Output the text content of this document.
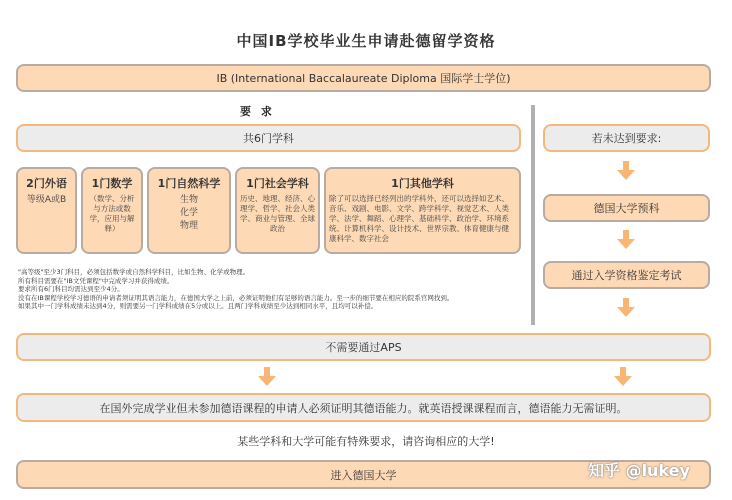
中国IB学校毕业生申请赴德留学资格
IB (International Baccalaureate Diploma 国际学士学位)
要 求
共6门学科
2门外语
等级A或B
1门数学
（数学、分析与方法或数学，应用与解释）
1门自然科学
生物
化学
物理
1门社会学科
历史、地理、经济、心理学、哲学、社会人类学、商业与管理、全球政治
1门其他学科
除了可以选择已经列出的学科外，还可以选择如艺术、音乐、戏剧、电影、文学、跨学科学、视觉艺术、人类学、法学、舞蹈、心理学、基础科学、政治学、环境系统、计算机科学、设计技术、世界宗教、体育健康与健康科学、数字社会
"高等级"至少3门科目，必须包括数学或自然科学科目，比如生物、化学或物理。
所有科目需要在"IB文凭课程"中完成学习并获得成绩。
要求所有6门科目均需达到至少4分。
没有在IB课程学校学习德语的申请者须证明其语言能力，在德国大学之上前，必须证明他们有足够的语言能力。至一步的细节要在相应的院系官网找到。
如果其中一门学科成绩未达到4分，则需要另一门学科成绩在5分或以上。且两门学科成绩至少达到相同水平，且均可以补偿。
若未达到要求:
德国大学预科
通过入学资格鉴定考试
不需要通过APS
在国外完成学业但未参加德语课程的申请人必须证明其德语能力。就英语授课课程而言，德语能力无需证明。
某些学科和大学可能有特殊要求，请咨询相应的大学!
进入德国大学	知乎 @lukey
